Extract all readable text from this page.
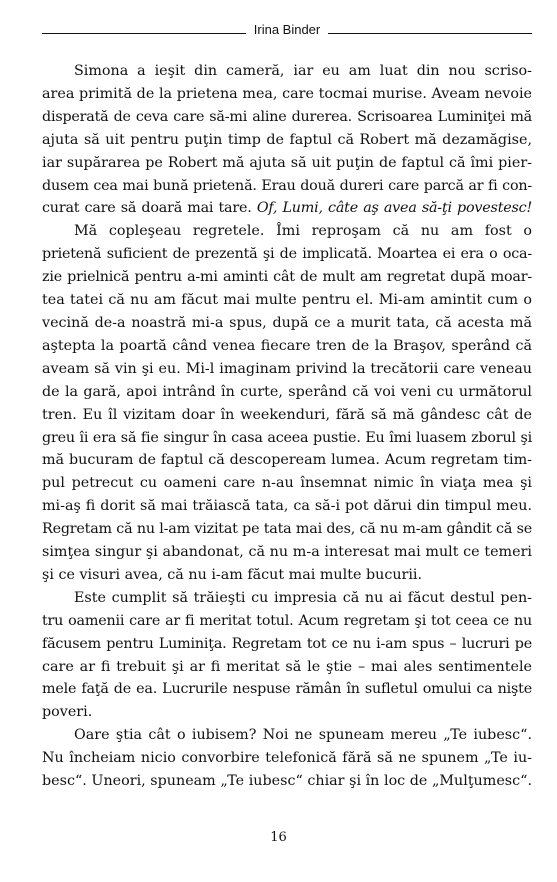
Irina Binder
Simona a ieşit din cameră, iar eu am luat din nou scriso-
area primită de la prietena mea, care tocmai murise. Aveam nevoie
disperată de ceva care să-mi aline durerea. Scrisoarea Luminiţei mă
ajuta să uit pentru puţin timp de faptul că Robert mă dezamăgise,
iar supărarea pe Robert mă ajuta să uit puţin de faptul că îmi pier-
dusem cea mai bună prietenă. Erau două dureri care parcă ar fi con-
curat care să doară mai tare. Of, Lumi, câte aş avea să-ţi povestesc!
Mă copleşeau regretele. Îmi reproşam că nu am fost o
prietenă suficient de prezentă şi de implicată. Moartea ei era o oca-
zie prielnică pentru a-mi aminti cât de mult am regretat după moar-
tea tatei că nu am făcut mai multe pentru el. Mi-am amintit cum o
vecină de-a noastră mi-a spus, după ce a murit tata, că acesta mă
aştepta la poartă când venea fiecare tren de la Braşov, sperând că
aveam să vin şi eu. Mi-l imaginam privind la trecătorii care veneau
de la gară, apoi intrând în curte, sperând că voi veni cu următorul
tren. Eu îl vizitam doar în weekenduri, fără să mă gândesc cât de
greu îi era să fie singur în casa aceea pustie. Eu îmi luasem zborul şi
mă bucuram de faptul că descopeream lumea. Acum regretam tim-
pul petrecut cu oameni care n-au însemnat nimic în viaţa mea şi
mi-aş fi dorit să mai trăiască tata, ca să-i pot dărui din timpul meu.
Regretam că nu l-am vizitat pe tata mai des, că nu m-am gândit că se
simţea singur şi abandonat, că nu m-a interesat mai mult ce temeri
şi ce visuri avea, că nu i-am făcut mai multe bucurii.
Este cumplit să trăieşti cu impresia că nu ai făcut destul pen-
tru oamenii care ar fi meritat totul. Acum regretam şi tot ceea ce nu
făcusem pentru Luminiţa. Regretam tot ce nu i-am spus – lucruri pe
care ar fi trebuit şi ar fi meritat să le ştie – mai ales sentimentele
mele faţă de ea. Lucrurile nespuse rămân în sufletul omului ca nişte
poveri.
Oare ştia cât o iubisem? Noi ne spuneam mereu „Te iubesc“.
Nu încheiam nicio convorbire telefonică fără să ne spunem „Te iu-
besc“. Uneori, spuneam „Te iubesc“ chiar şi în loc de „Mulţumesc“.
16
